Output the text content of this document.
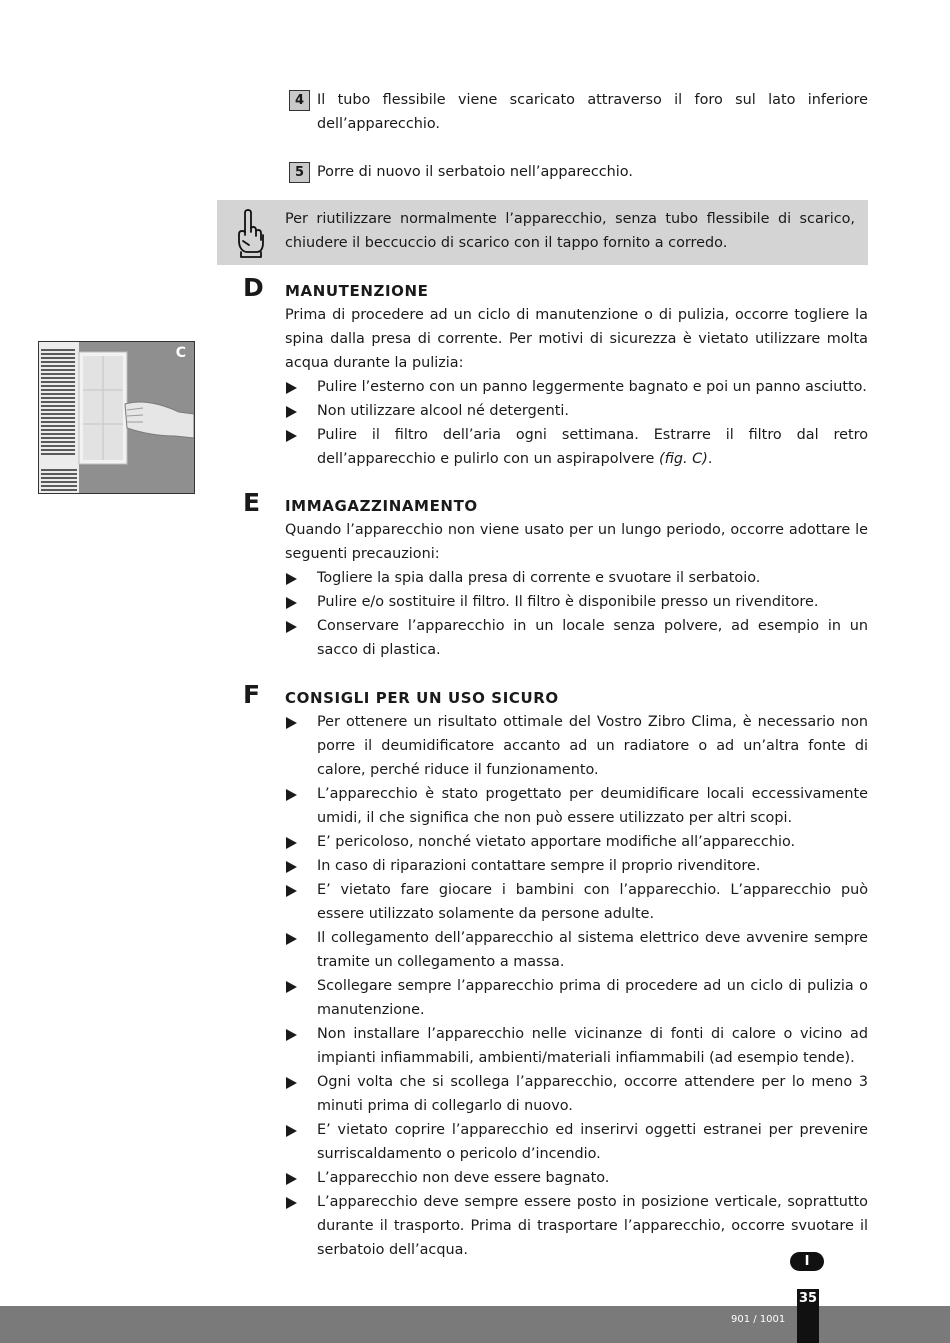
4 Il tubo flessibile viene scaricato attraverso il foro sul lato inferiore dell’apparecchio.

5 Porre di nuovo il serbatoio nell’apparecchio.

Per riutilizzare normalmente l’apparecchio, senza tubo flessibile di scarico, chiudere il beccuccio di scarico con il tappo fornito a corredo.

C
D MANUTENZIONE

Prima di procedere ad un ciclo di manutenzione o di pulizia, occorre togliere la spina dalla presa di corrente. Per motivi di sicurezza è vietato utilizzare molta acqua durante la pulizia:

Pulire l’esterno con un panno leggermente bagnato e poi un panno asciutto.
Non utilizzare alcool né detergenti.
Pulire il filtro dell’aria ogni settimana. Estrarre il filtro dal retro dell’apparecchio e pulirlo con un aspirapolvere (fig. C).
E IMMAGAZZINAMENTO

Quando l’apparecchio non viene usato per un lungo periodo, occorre adottare le seguenti precauzioni:

Togliere la spia dalla presa di corrente e svuotare il serbatoio.
Pulire e/o sostituire il filtro. Il filtro è disponibile presso un rivenditore.
Conservare l’apparecchio in un locale senza polvere, ad esempio in un sacco di plastica.
F CONSIGLI PER UN USO SICURO
Per ottenere un risultato ottimale del Vostro Zibro Clima, è necessario non porre il deumidificatore accanto ad un radiatore o ad un’altra fonte di calore, perché riduce il funzionamento.
L’apparecchio è stato progettato per deumidificare locali eccessivamente umidi, il che significa che non può essere utilizzato per altri scopi.
E’ pericoloso, nonché vietato apportare modifiche all’apparecchio.
In caso di riparazioni contattare sempre il proprio rivenditore.
E’ vietato fare giocare i bambini con l’apparecchio. L’apparecchio può essere utilizzato solamente da persone adulte.
Il collegamento dell’apparecchio al sistema elettrico deve avvenire sempre tramite un collegamento a massa.
Scollegare sempre l’apparecchio prima di procedere ad un ciclo di pulizia o manutenzione.
Non installare l’apparecchio nelle vicinanze di fonti di calore o vicino ad impianti infiammabili, ambienti/materiali infiammabili (ad esempio tende).
Ogni volta che si scollega l’apparecchio, occorre attendere per lo meno 3 minuti prima di collegarlo di nuovo.
E’ vietato coprire l’apparecchio ed inserirvi oggetti estranei per prevenire surriscaldamento o pericolo d’incendio.
L’apparecchio non deve essere bagnato.
L’apparecchio deve sempre essere posto in posizione verticale, soprattutto durante il trasporto. Prima di trasportare l’apparecchio, occorre svuotare il serbatoio dell’acqua.
I
901 / 1001
35
